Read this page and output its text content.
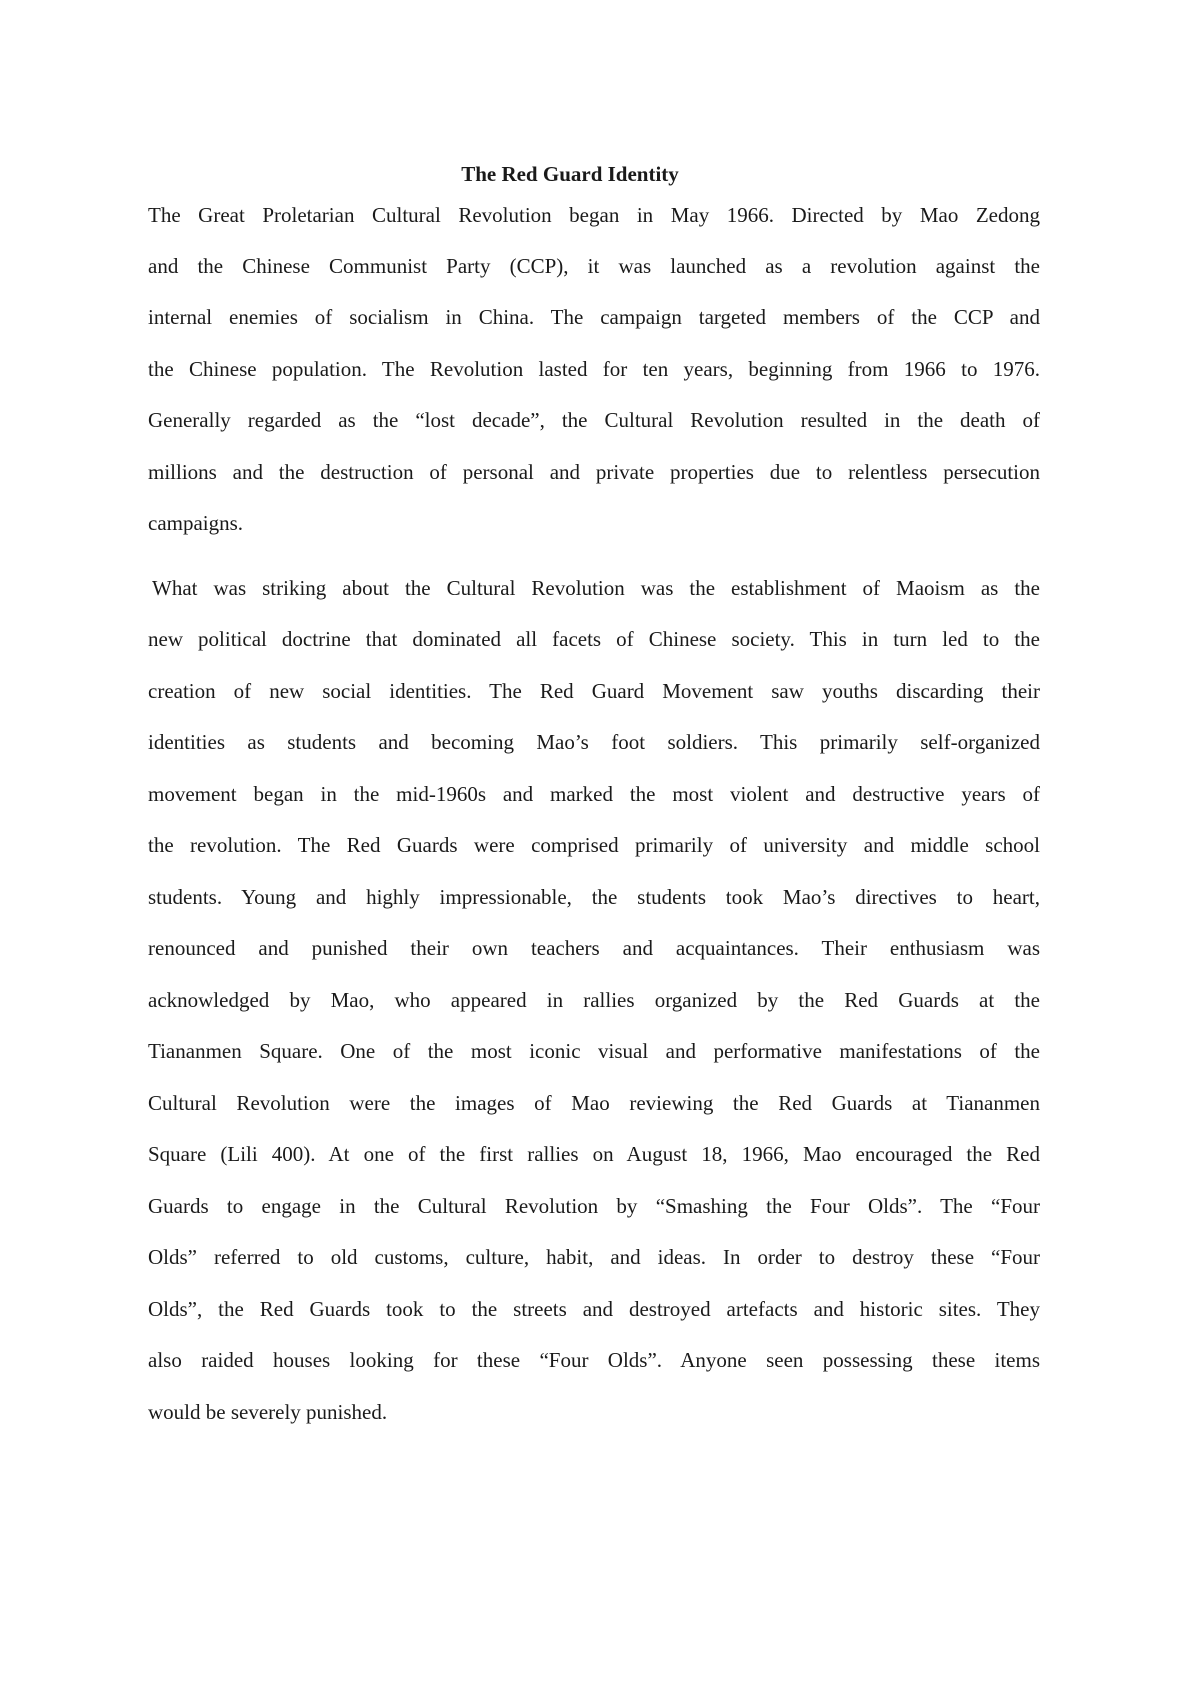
The Red Guard Identity
The Great Proletarian Cultural Revolution began in May 1966. Directed by Mao Zedong
and the Chinese Communist Party (CCP), it was launched as a revolution against the
internal enemies of socialism in China. The campaign targeted members of the CCP and
the Chinese population. The Revolution lasted for ten years, beginning from 1966 to 1976.
Generally regarded as the “lost decade”, the Cultural Revolution resulted in the death of
millions and the destruction of personal and private properties due to relentless persecution
campaigns.
What was striking about the Cultural Revolution was the establishment of Maoism as the
new political doctrine that dominated all facets of Chinese society. This in turn led to the
creation of new social identities. The Red Guard Movement saw youths discarding their
identities as students and becoming Mao’s foot soldiers. This primarily self-organized
movement began in the mid-1960s and marked the most violent and destructive years of
the revolution. The Red Guards were comprised primarily of university and middle school
students. Young and highly impressionable, the students took Mao’s directives to heart,
renounced and punished their own teachers and acquaintances. Their enthusiasm was
acknowledged by Mao, who appeared in rallies organized by the Red Guards at the
Tiananmen Square. One of the most iconic visual and performative manifestations of the
Cultural Revolution were the images of Mao reviewing the Red Guards at Tiananmen
Square (Lili 400). At one of the first rallies on August 18, 1966, Mao encouraged the Red
Guards to engage in the Cultural Revolution by “Smashing the Four Olds”. The “Four
Olds” referred to old customs, culture, habit, and ideas. In order to destroy these “Four
Olds”, the Red Guards took to the streets and destroyed artefacts and historic sites. They
also raided houses looking for these “Four Olds”. Anyone seen possessing these items
would be severely punished.
